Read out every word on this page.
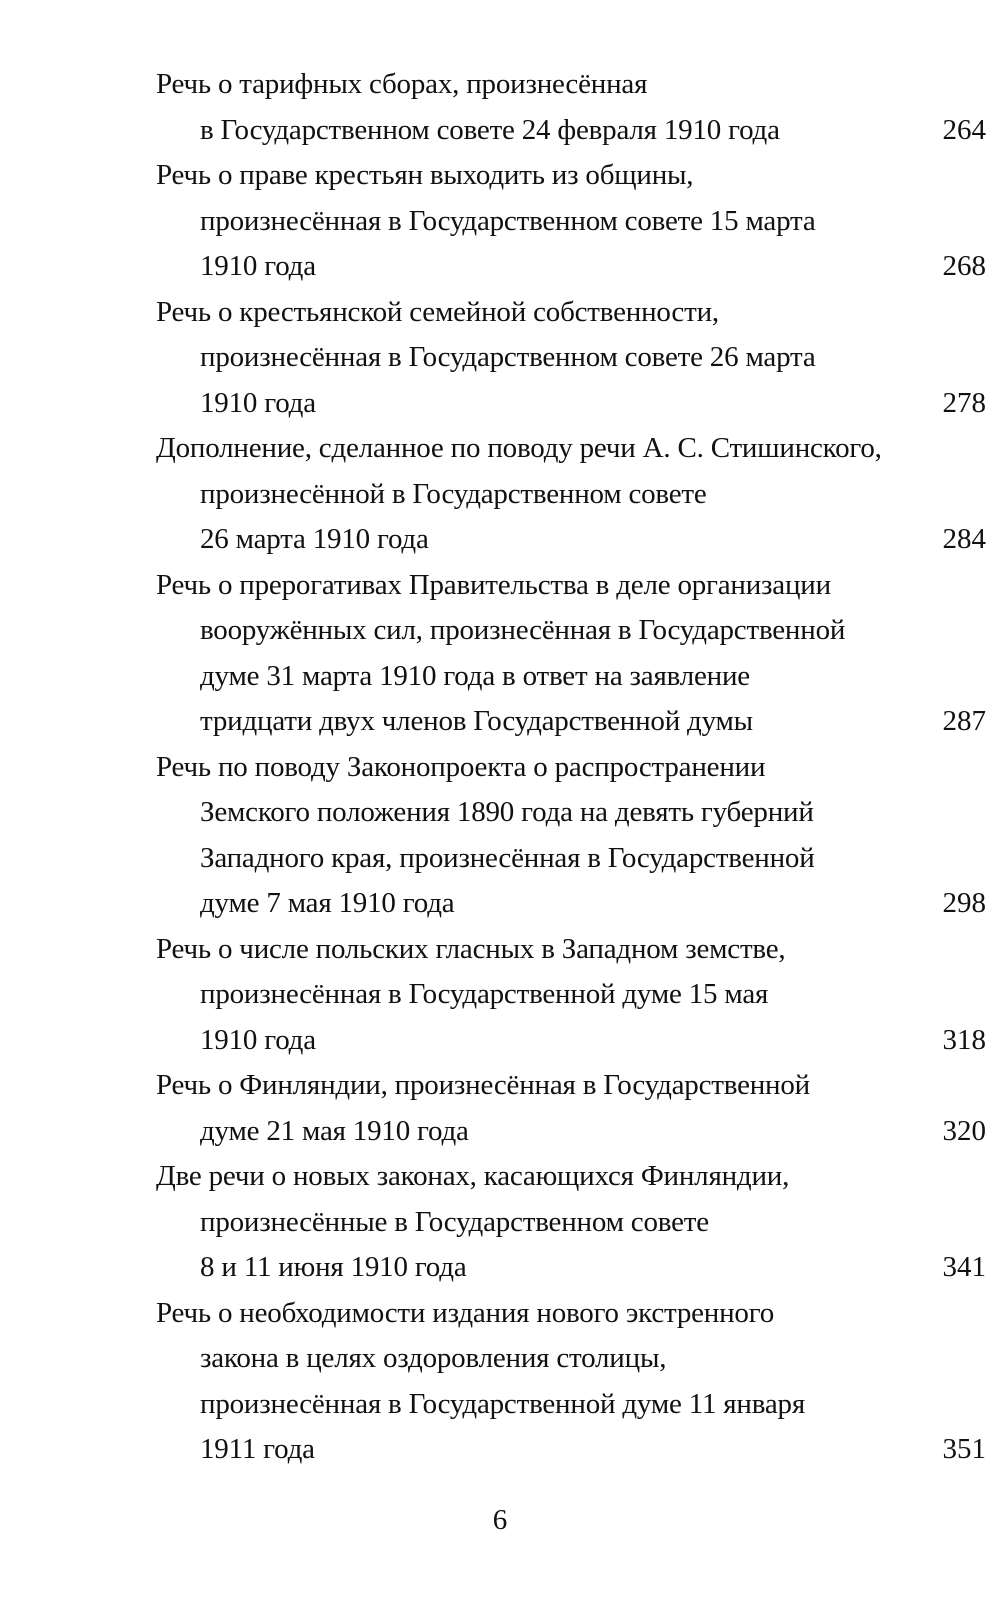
Речь о тарифных сборах, произнесённая
в Государственном совете 24 февраля 1910 года	264
Речь о праве крестьян выходить из общины,
произнесённая в Государственном совете 15 марта
1910 года	268
Речь о крестьянской семейной собственности,
произнесённая в Государственном совете 26 марта
1910 года	278
Дополнение, сделанное по поводу речи А. С. Стишинского,
произнесённой в Государственном совете
26 марта 1910 года	284
Речь о прерогативах Правительства в деле организации
вооружённых сил, произнесённая в Государственной
думе 31 марта 1910 года в ответ на заявление
тридцати двух членов Государственной думы	287
Речь по поводу Законопроекта о распространении
Земского положения 1890 года на девять губерний
Западного края, произнесённая в Государственной
думе 7 мая 1910 года	298
Речь о числе польских гласных в Западном земстве,
произнесённая в Государственной думе 15 мая
1910 года	318
Речь о Финляндии, произнесённая в Государственной
думе 21 мая 1910 года	320
Две речи о новых законах, касающихся Финляндии,
произнесённые в Государственном совете
8 и 11 июня 1910 года	341
Речь о необходимости издания нового экстренного
закона в целях оздоровления столицы,
произнесённая в Государственной думе 11 января
1911 года	351
6
